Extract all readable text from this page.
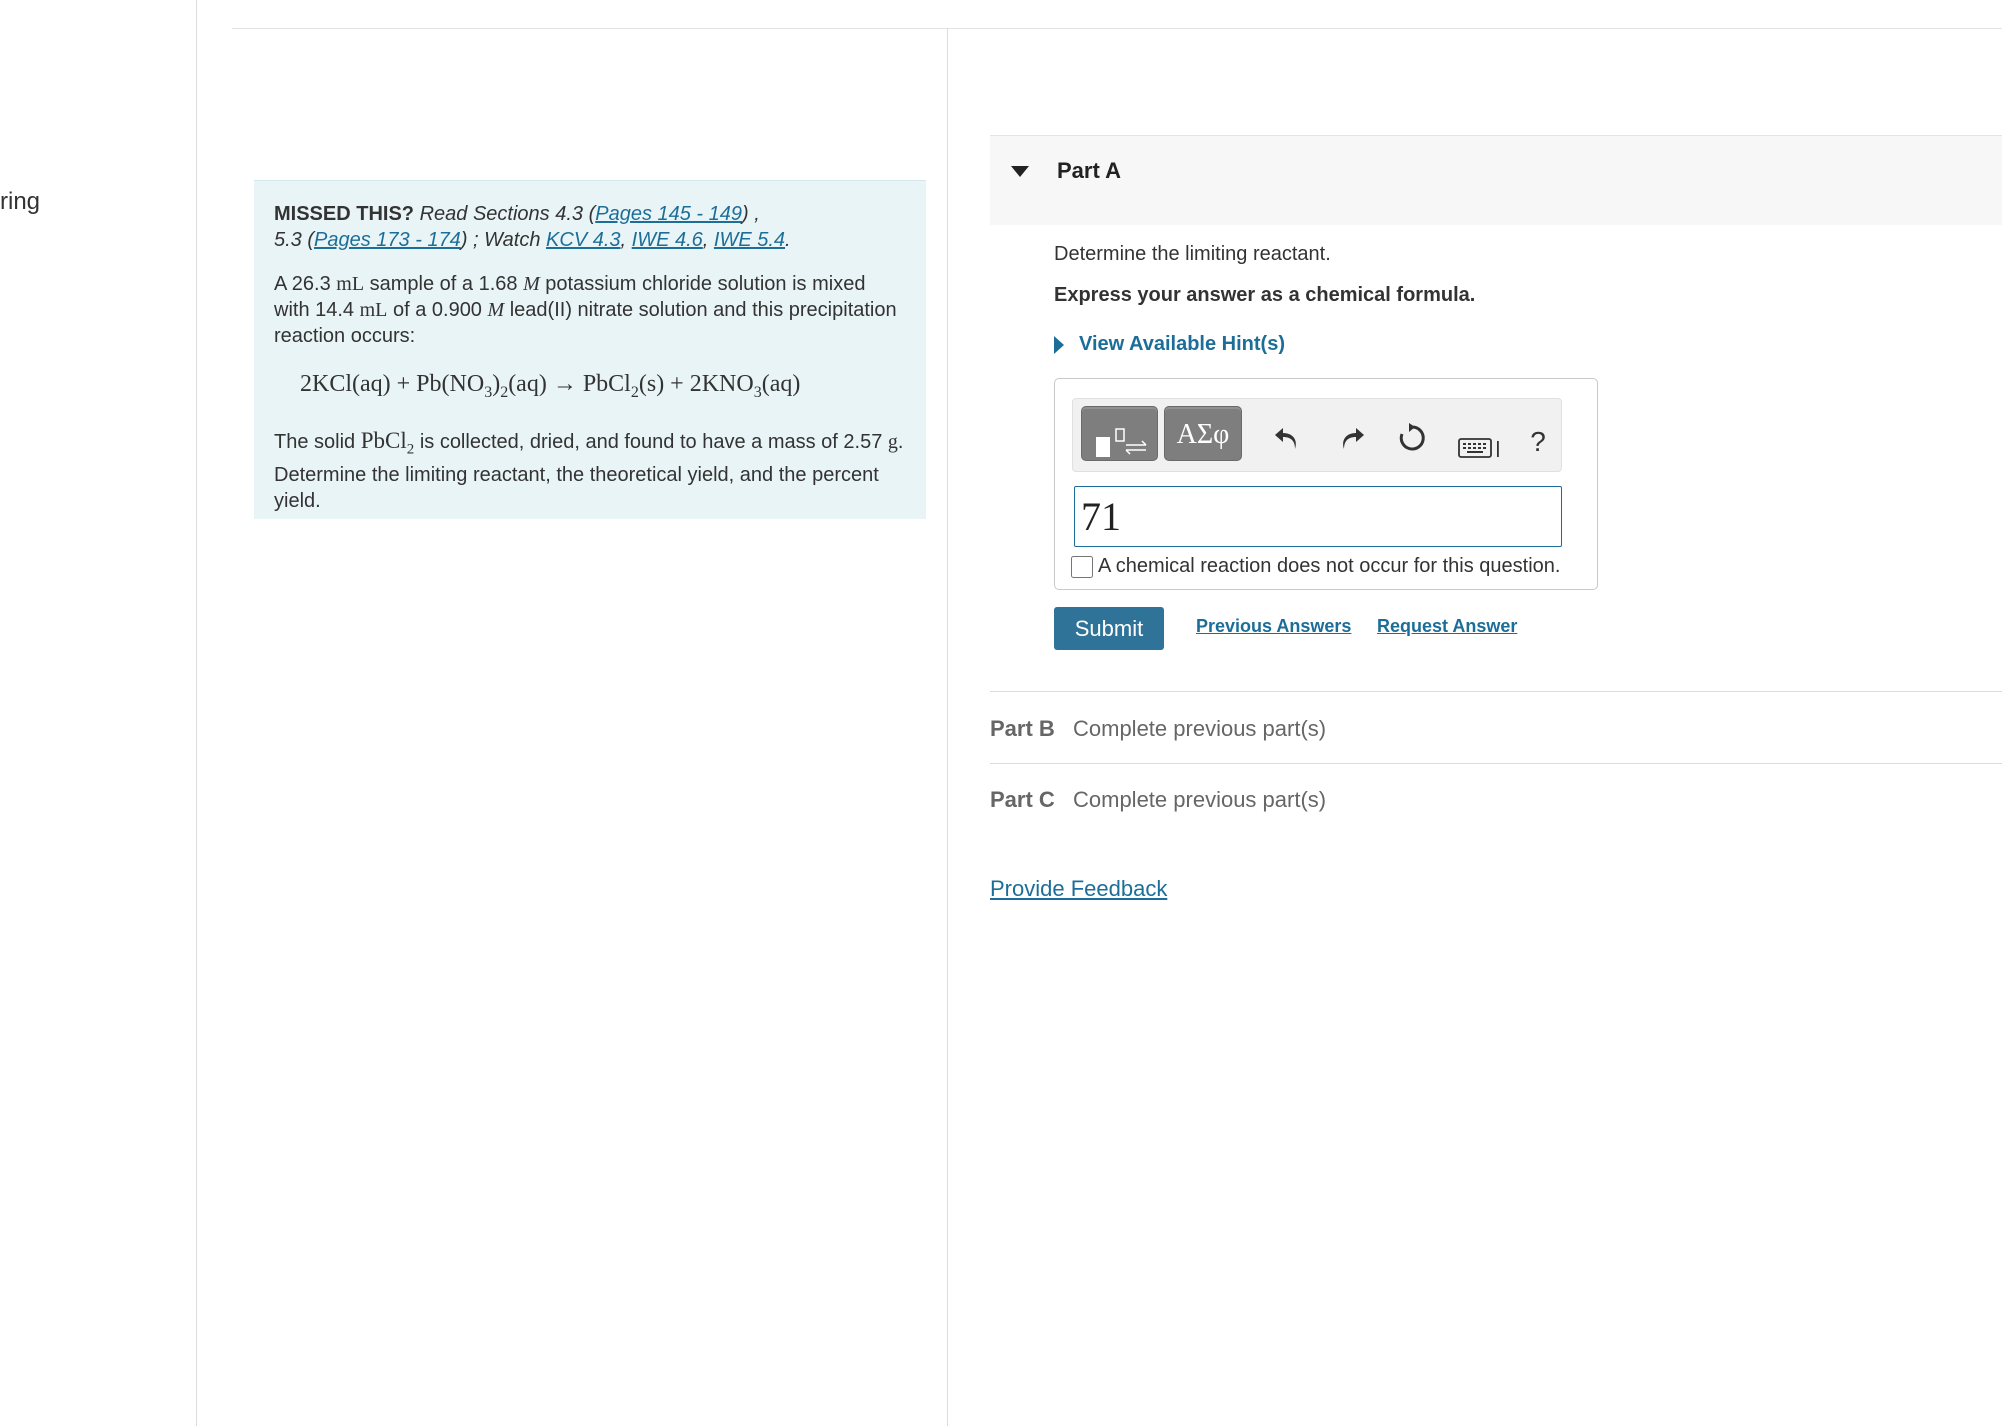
ring	MISSED THIS? Read Sections 4.3 (Pages 145 - 149) ,
5.3 (Pages 173 - 174) ; Watch KCV 4.3, IWE 4.6, IWE 5.4.

A 26.3 mL sample of a 1.68 M potassium chloride solution is mixed with 14.4 mL of a 0.900 M lead(II) nitrate solution and this precipitation reaction occurs:

$2KCl(aq) + Pb(NO_3)_2(aq)$ → PbCl$_2$(s) + $2KNO_3(aq)$

The solid PbCl$_2$ is collected, dried, and found to have a mass of 2.57 g. Determine the limiting reactant, the theoretical yield, and the percent yield.

Part A
Determine the limiting reactant.
Express your answer as a chemical formula.
View Available Hint(s)
ΑΣφ	?
71
A chemical reaction does not occur for this question.
Submit	Previous Answers Request Answer
Part B Complete previous part(s)
Part C Complete previous part(s)
Provide Feedback
